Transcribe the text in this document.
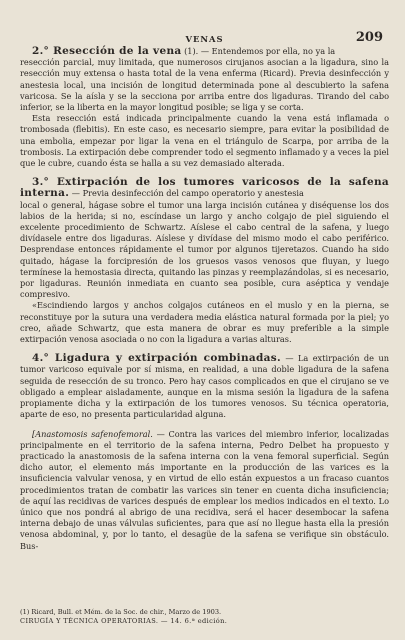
VENAS	209

2.° Resección de la vena (1). — Entendemos por ella, no ya la

resección parcial, muy limitada, que numerosos cirujanos asocian a la ligadura, sino la resección muy extensa o hasta total de la vena enferma (Ricard). Previa desinfección y anestesia local, una incisión de longitud determinada pone al descubierto la safena varicosa. Se la aísla y se la secciona por arriba entre dos ligaduras. Tirando del cabo inferior, se la liberta en la mayor longitud posible; se liga y se corta.

Esta resección está indicada principalmente cuando la vena está inflamada o trombosada (flebitis). En este caso, es necesario siempre, para evitar la posibilidad de una embolia, empezar por ligar la vena en el triángulo de Scarpa, por arriba de la trombosis. La extirpación debe comprender todo el segmento inflamado y a veces la piel que le cubre, cuando ésta se halla a su vez demasiado alterada.

3.° Extirpación de los tumores varicosos de la safena interna. — Previa desinfección del campo operatorio y anestesia

local o general, hágase sobre el tumor una larga incisión cutánea y diséquense los dos labios de la herida; si no, escíndase un largo y ancho colgajo de piel siguiendo el excelente procedimiento de Schwartz. Aíslese el cabo central de la safena, y luego divídasele entre dos ligaduras. Aíslese y divídase del mismo modo el cabo periférico. Desprendase entonces rápidamente el tumor por algunos tijeretazos. Cuando ha sido quitado, hágase la forcipresión de los gruesos vasos venosos que fluyan, y luego termínese la hemostasia directa, quitando las pinzas y reemplazándolas, si es necesario, por ligaduras. Reunión inmediata en cuanto sea posible, cura aséptica y vendaje compresivo.

«Escindiendo largos y anchos colgajos cutáneos en el muslo y en la pierna, se reconstituye por la sutura una verdadera media elástica natural formada por la piel; yo creo, añade Schwartz, que esta manera de obrar es muy preferible a la simple extirpación venosa asociada o no con la ligadura a varias alturas.

4.° Ligadura y extirpación combinadas. — La extirpación de un tumor varicoso equivale por sí misma, en realidad, a una doble ligadura de la safena seguida de resección de su tronco. Pero hay casos complicados en que el cirujano se ve obligado a emplear aisladamente, aunque en la misma sesión la ligadura de la safena propiamente dicha y la extirpación de los tumores venosos. Su técnica operatoria, aparte de eso, no presenta particularidad alguna.

[Anastomosis safenofemoral. — Contra las varices del miembro inferior, localizadas principalmente en el territorio de la safena interna, Pedro Delbet ha propuesto y practicado la anastomosis de la safena interna con la vena femoral superficial. Según dicho autor, el elemento más importante en la producción de las varices es la insuficiencia valvular venosa, y en virtud de ello están expuestos a un fracaso cuantos procedimientos tratan de combatir las varices sin tener en cuenta dicha insuficiencia; de aquí las recidivas de varices después de emplear los medios indicados en el texto. Lo único que nos pondrá al abrigo de una recidiva, será el hacer desembocar la safena interna debajo de unas válvulas suficientes, para que así no llegue hasta ella la presión venosa abdominal, y, por lo tanto, el desagüe de la safena se verifique sin obstáculo. Bus-

(1) Ricard, Bull. et Mém. de la Soc. de chir., Marzo de 1903.
CIRUGÍA Y TÉCNICA OPERATORIAS. — 14. 6.ª edición.
